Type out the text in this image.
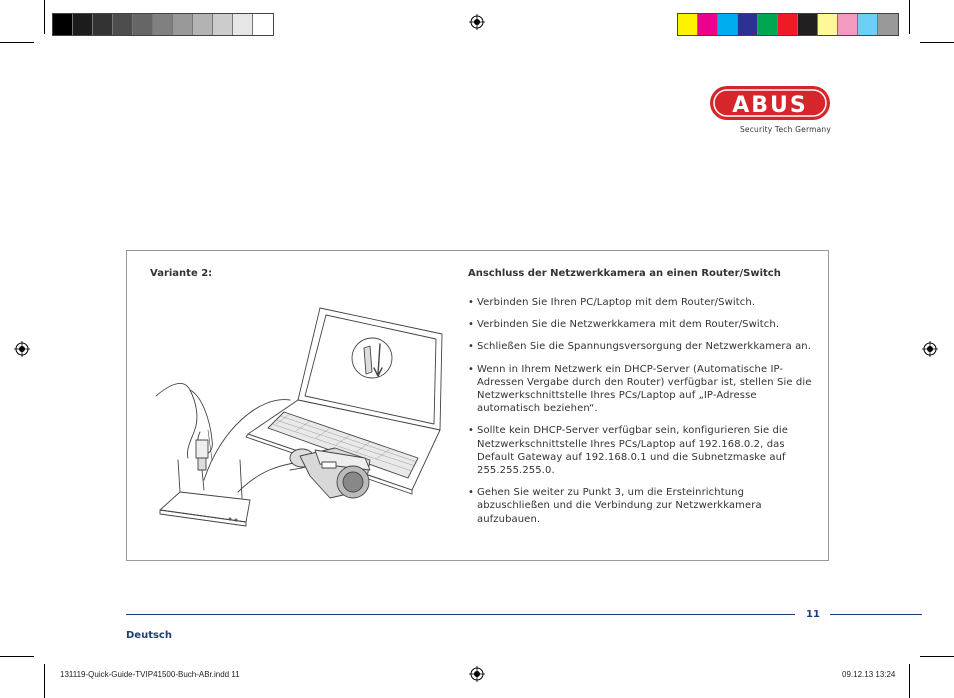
ABUS
Security Tech Germany
Variante 2:	Anschluss der Netzwerkkamera an einen Router/Switch
• Verbinden Sie Ihren PC/Laptop mit dem Router/Switch.
• Verbinden Sie die Netzwerkkamera mit dem Router/Switch.
• Schließen Sie die Spannungsversorgung der Netzwerkkamera an.
• Wenn in Ihrem Netzwerk ein DHCP-Server (Automatische IP-Adressen Vergabe durch den Router) verfügbar ist, stellen Sie die Netzwerkschnittstelle Ihres PCs/Laptop auf „IP-Adresse automatisch beziehen“.
• Sollte kein DHCP-Server verfügbar sein, konfigurieren Sie die Netzwerkschnittstelle Ihres PCs/Laptop auf 192.168.0.2, das Default Gateway auf 192.168.0.1 und die Subnetzmaske auf 255.255.255.0.
• Gehen Sie weiter zu Punkt 3, um die Ersteinrichtung abzuschließen und die Verbindung zur Netzwerkkamera aufzubauen.
11
Deutsch
131119-Quick-Guide-TVIP41500-Buch-ABr.indd 11	09.12.13 13:24
